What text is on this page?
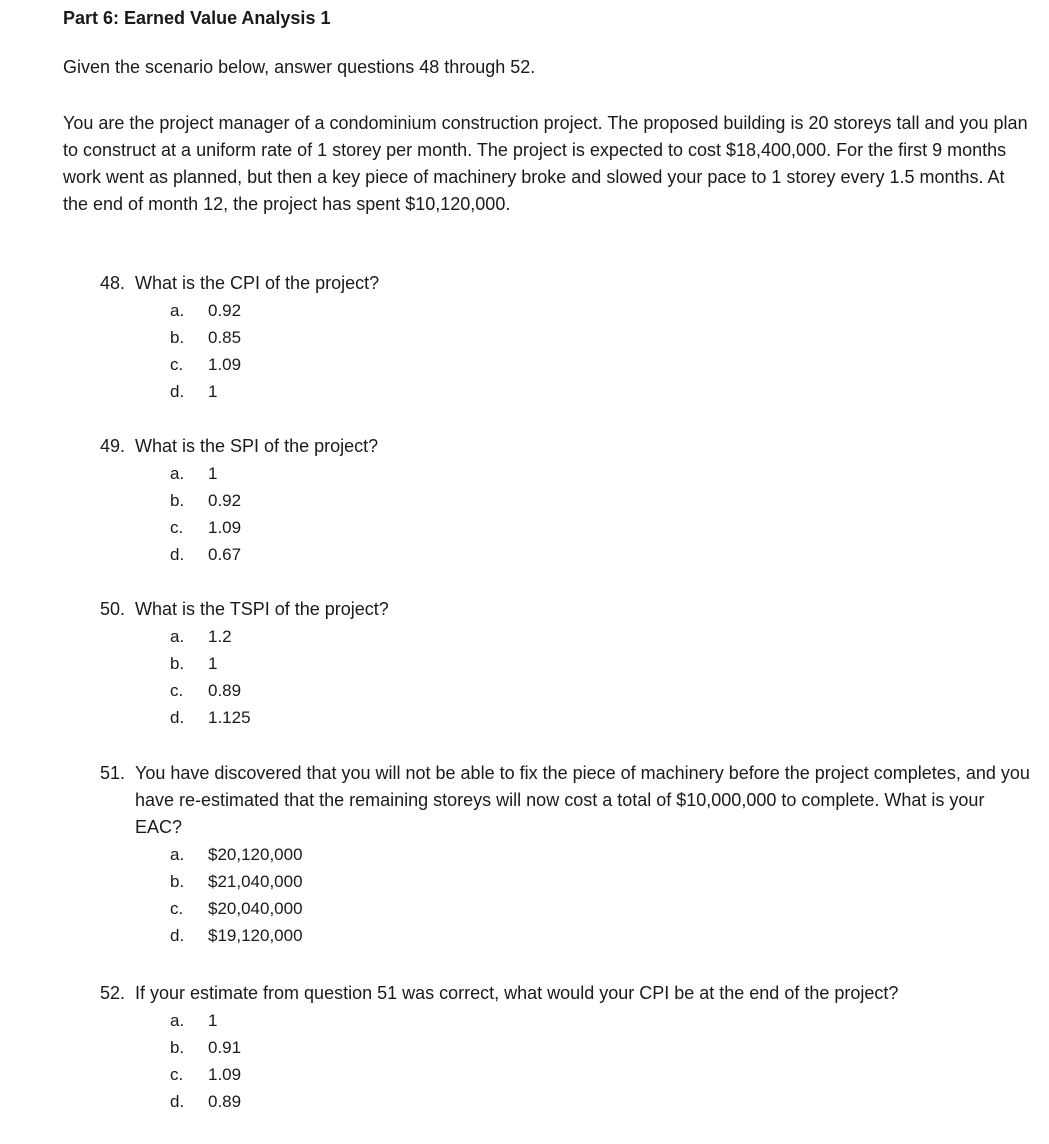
Part 6: Earned Value Analysis 1

Given the scenario below, answer questions 48 through 52.

You are the project manager of a condominium construction project. The proposed building is 20 storeys tall and you plan to construct at a uniform rate of 1 storey per month. The project is expected to cost $18,400,000. For the first 9 months work went as planned, but then a key piece of machinery broke and slowed your pace to 1 storey every 1.5 months. At the end of month 12, the project has spent $10,120,000.

48. What is the CPI of the project?

a. 0.92
b. 0.85
c. 1.09
d. 1

49. What is the SPI of the project?

a. 1
b. 0.92
c. 1.09
d. 0.67

50. What is the TSPI of the project?

a. 1.2
b. 1
c. 0.89
d. 1.125

51. You have discovered that you will not be able to fix the piece of machinery before the project completes, and you have re-estimated that the remaining storeys will now cost a total of $10,000,000 to complete. What is your EAC?

a. $20,120,000
b. $21,040,000
c. $20,040,000
d. $19,120,000

52. If your estimate from question 51 was correct, what would your CPI be at the end of the project?

a. 1
b. 0.91
c. 1.09
d. 0.89
